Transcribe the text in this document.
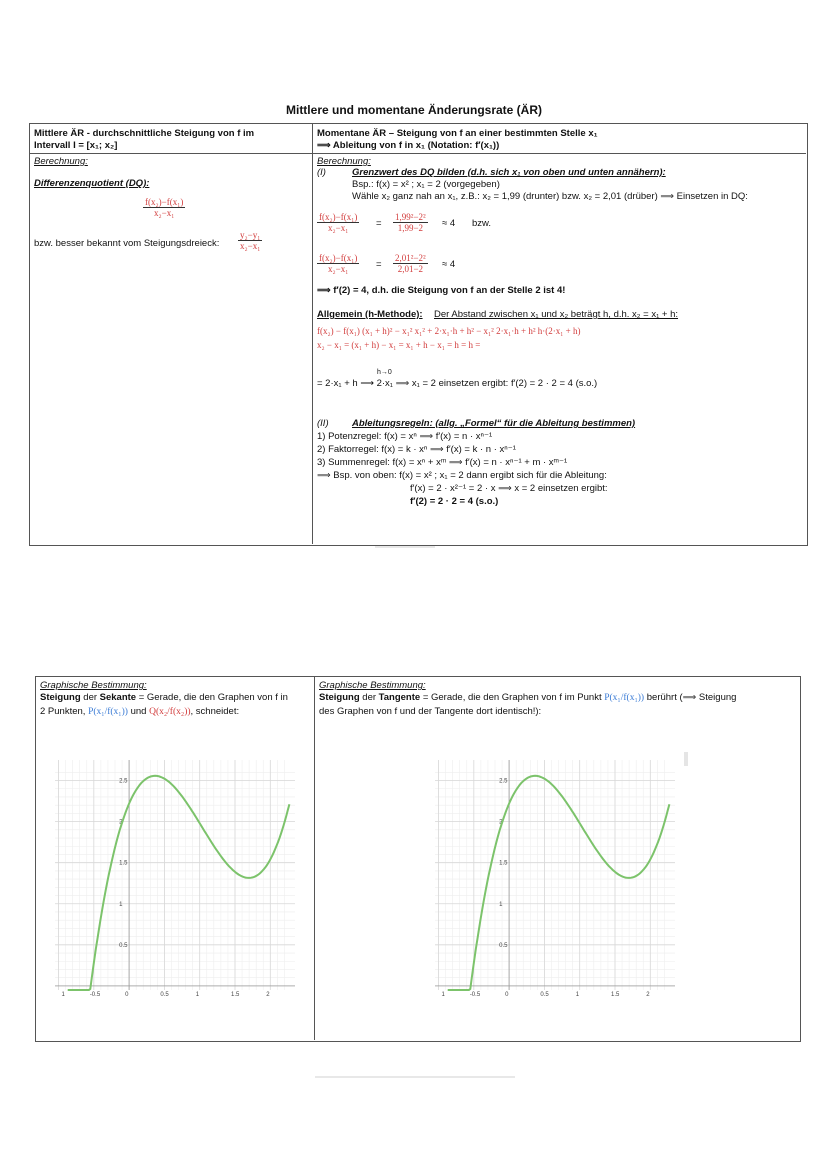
Mittlere und momentane Änderungsrate (ÄR)
Mittlere ÄR - durchschnittliche Steigung von f im
Intervall I = [x₁; x₂]
Berechnung:
Differenzenquotient (DQ):
$\frac{\text{f(x₂)−f(x₁)}}{\text{x₂−x₁}}$
bzw. besser bekannt vom Steigungsdreieck: $\frac{\text{y₂−y₁}}{\text{x₂−x₁}}$
Momentane ÄR – Steigung von f an einer bestimmten Stelle x₁
⟹ Ableitung von f in x₁ (Notation: f′(x₁))
Berechnung:
(I)	Grenzwert des DQ bilden (d.h. sich x₁ von oben und unten annähern):
Bsp.: f(x) = x² ; x₁ = 2 (vorgegeben)
Wähle x₂ ganz nah an x₁, z.B.: x₂ = 1,99 (drunter) bzw. x₂ = 2,01 (drüber) ⟹ Einsetzen in DQ:
$\frac{\text{f(x₂)−f(x₁)}}{\text{x₂−x₁}} = \frac{\text{1,99²−2²}}{1,99-2} \approx 4$ bzw.
$\frac{\text{f(x₂)−f(x₁)}}{\text{x₂−x₁}} = \frac{\text{2,01²−2²}}{2,01-2} \approx 4$
⟹ f′(2) = 4, d.h. die Steigung von f an der Stelle 2 ist 4!
Allgemein (h-Methode): Der Abstand zwischen x₁ und x₂ beträgt h, d.h. x₂ = x₁ + h:
f(x₂) − f(x₁) (x₁ + h)² − x₁² x₁² + 2·x₁·h + h² − x₁² 2·x₁·h + h² h·(2·x₁ + h)
x₂ − x₁ = (x₁ + h) − x₁ = x₁ + h − x₁ = h = h =
h→0
= 2·x₁ + h ⟶ 2·x₁ ⟹ x₁ = 2 einsetzen ergibt: f′(2) = 2 · 2 = 4 (s.o.)
(II) Ableitungsregeln: (allg. „Formel“ für die Ableitung bestimmen)
1) Potenzregel: f(x) = xⁿ ⟹ f′(x) = n · xⁿ⁻¹
2) Faktorregel: f(x) = k · xⁿ ⟹ f′(x) = k · n · xⁿ⁻¹
3) Summenregel: f(x) = xⁿ + xᵐ ⟹ f′(x) = n · xⁿ⁻¹ + m · xᵐ⁻¹
⟹ Bsp. von oben: f(x) = x² ; x₁ = 2 dann ergibt sich für die Ableitung:
f′(x) = 2 · x²⁻¹ = 2 · x ⟹ x = 2 einsetzen ergibt:
f′(2) = 2 · 2 = 4 (s.o.)
Graphische Bestimmung:
Steigung der Sekante = Gerade, die den Graphen von f in
2 Punkten, P(x₁/f(x₁)) und Q(x₂/f(x₂)), schneidet:
Graphische Bestimmung:
Steigung der Tangente = Gerade, die den Graphen von f im Punkt P(x₁/f(x₁)) berührt (⟹ Steigung
des Graphen von f und der Tangente dort identisch!):
1	-0.5	0	0.5	1	1.5	2
2.5
2
1.5
1
0.5
1	-0.5	0	0.5	1	1.5	2
2.5
2
1.5
1
0.5
